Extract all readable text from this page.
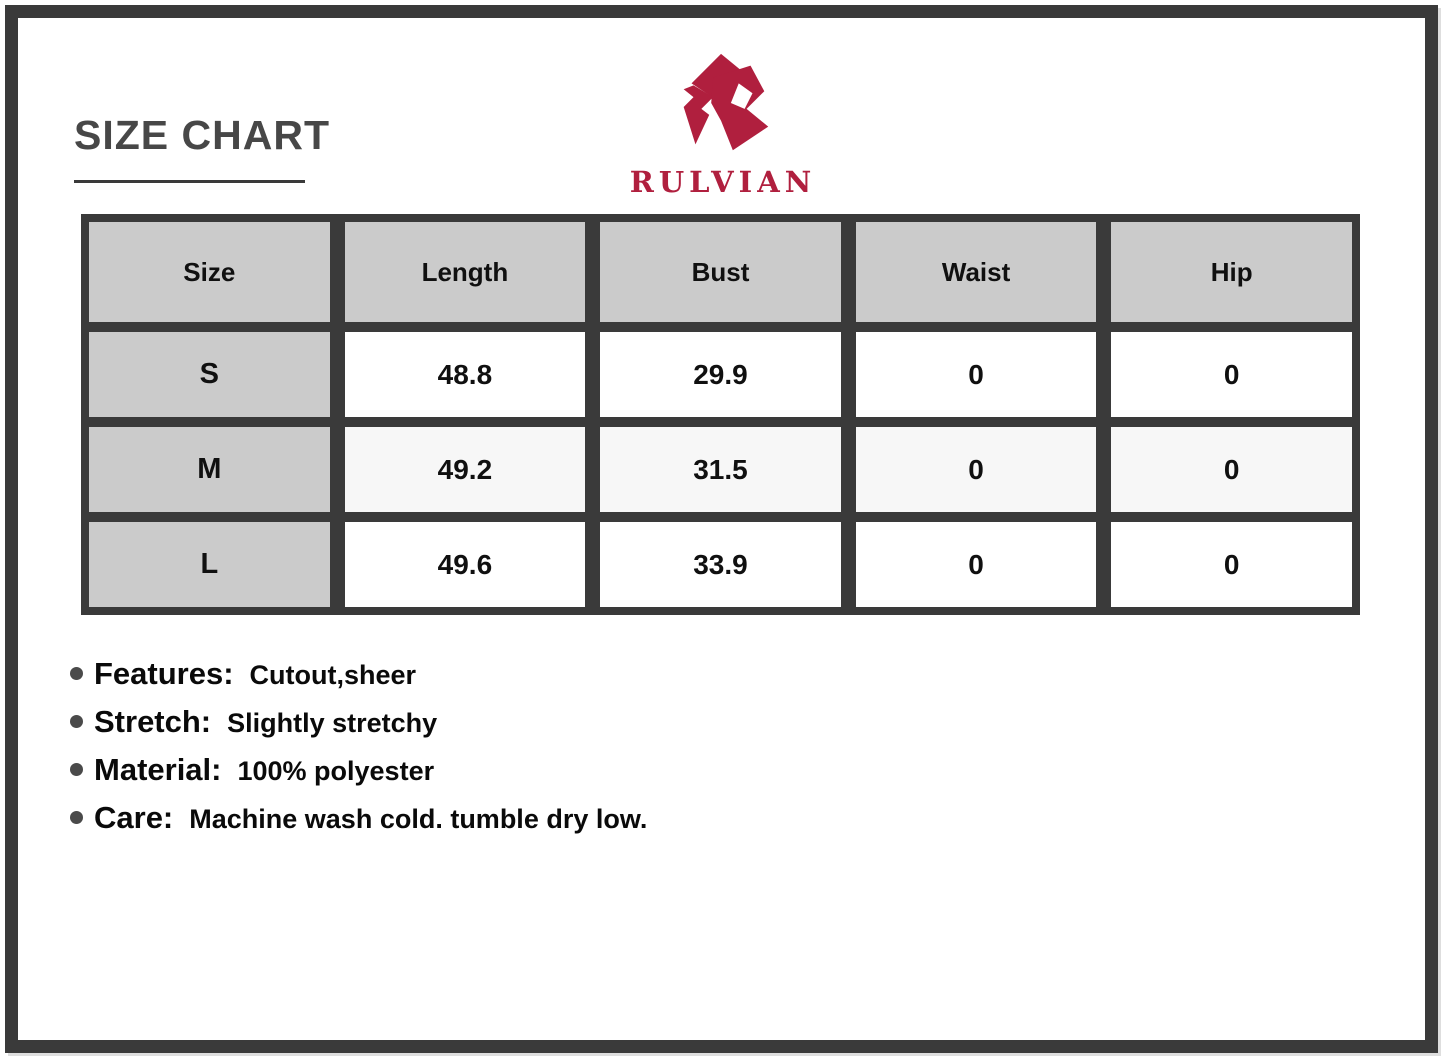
SIZE CHART
RULVIAN
Size	Length	Bust	Waist	Hip
S	48.8	29.9	0	0
M	49.2	31.5	0	0
L	49.6	33.9	0	0
Features: Cutout,sheer
Stretch: Slightly stretchy
Material: 100% polyester
Care: Machine wash cold. tumble dry low.
